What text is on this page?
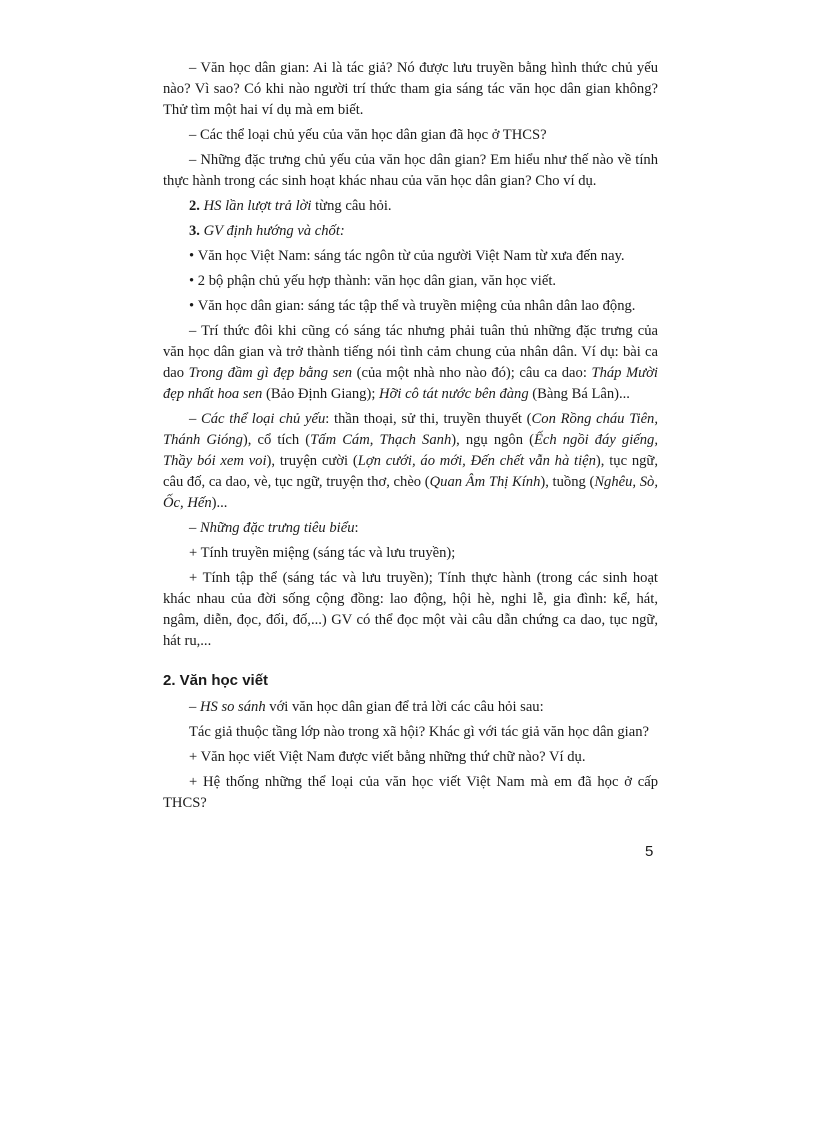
– Văn học dân gian: Ai là tác giả? Nó được lưu truyền bằng hình thức chủ yếu nào? Vì sao? Có khi nào người trí thức tham gia sáng tác văn học dân gian không? Thử tìm một hai ví dụ mà em biết.

– Các thể loại chủ yếu của văn học dân gian đã học ở THCS?

– Những đặc trưng chủ yếu của văn học dân gian? Em hiểu như thế nào về tính thực hành trong các sinh hoạt khác nhau của văn học dân gian? Cho ví dụ.

2. HS lần lượt trả lời từng câu hỏi.

3. GV định hướng và chốt:

• Văn học Việt Nam: sáng tác ngôn từ của người Việt Nam từ xưa đến nay.

• 2 bộ phận chủ yếu hợp thành: văn học dân gian, văn học viết.

• Văn học dân gian: sáng tác tập thể và truyền miệng của nhân dân lao động.

– Trí thức đôi khi cũng có sáng tác nhưng phải tuân thủ những đặc trưng của văn học dân gian và trở thành tiếng nói tình cảm chung của nhân dân. Ví dụ: bài ca dao Trong đầm gì đẹp bằng sen (của một nhà nho nào đó); câu ca dao: Tháp Mười đẹp nhất hoa sen (Bảo Định Giang); Hỡi cô tát nước bên đàng (Bàng Bá Lân)...

– Các thể loại chủ yếu: thần thoại, sử thi, truyền thuyết (Con Rồng cháu Tiên, Thánh Gióng), cổ tích (Tấm Cám, Thạch Sanh), ngụ ngôn (Ếch ngồi đáy giếng, Thầy bói xem voi), truyện cười (Lợn cưới, áo mới, Đến chết vẫn hà tiện), tục ngữ, câu đố, ca dao, vè, tục ngữ, truyện thơ, chèo (Quan Âm Thị Kính), tuồng (Nghêu, Sò, Ốc, Hến)...

– Những đặc trưng tiêu biểu:

+ Tính truyền miệng (sáng tác và lưu truyền);

+ Tính tập thể (sáng tác và lưu truyền); Tính thực hành (trong các sinh hoạt khác nhau của đời sống cộng đồng: lao động, hội hè, nghi lễ, gia đình: kể, hát, ngâm, diễn, đọc, đối, đố,...) GV có thể đọc một vài câu dẫn chứng ca dao, tục ngữ, hát ru,...

2. Văn học viết

– HS so sánh với văn học dân gian để trả lời các câu hỏi sau:

Tác giả thuộc tầng lớp nào trong xã hội? Khác gì với tác giả văn học dân gian?

+ Văn học viết Việt Nam được viết bằng những thứ chữ nào? Ví dụ.

+ Hệ thống những thể loại của văn học viết Việt Nam mà em đã học ở cấp THCS?

5
